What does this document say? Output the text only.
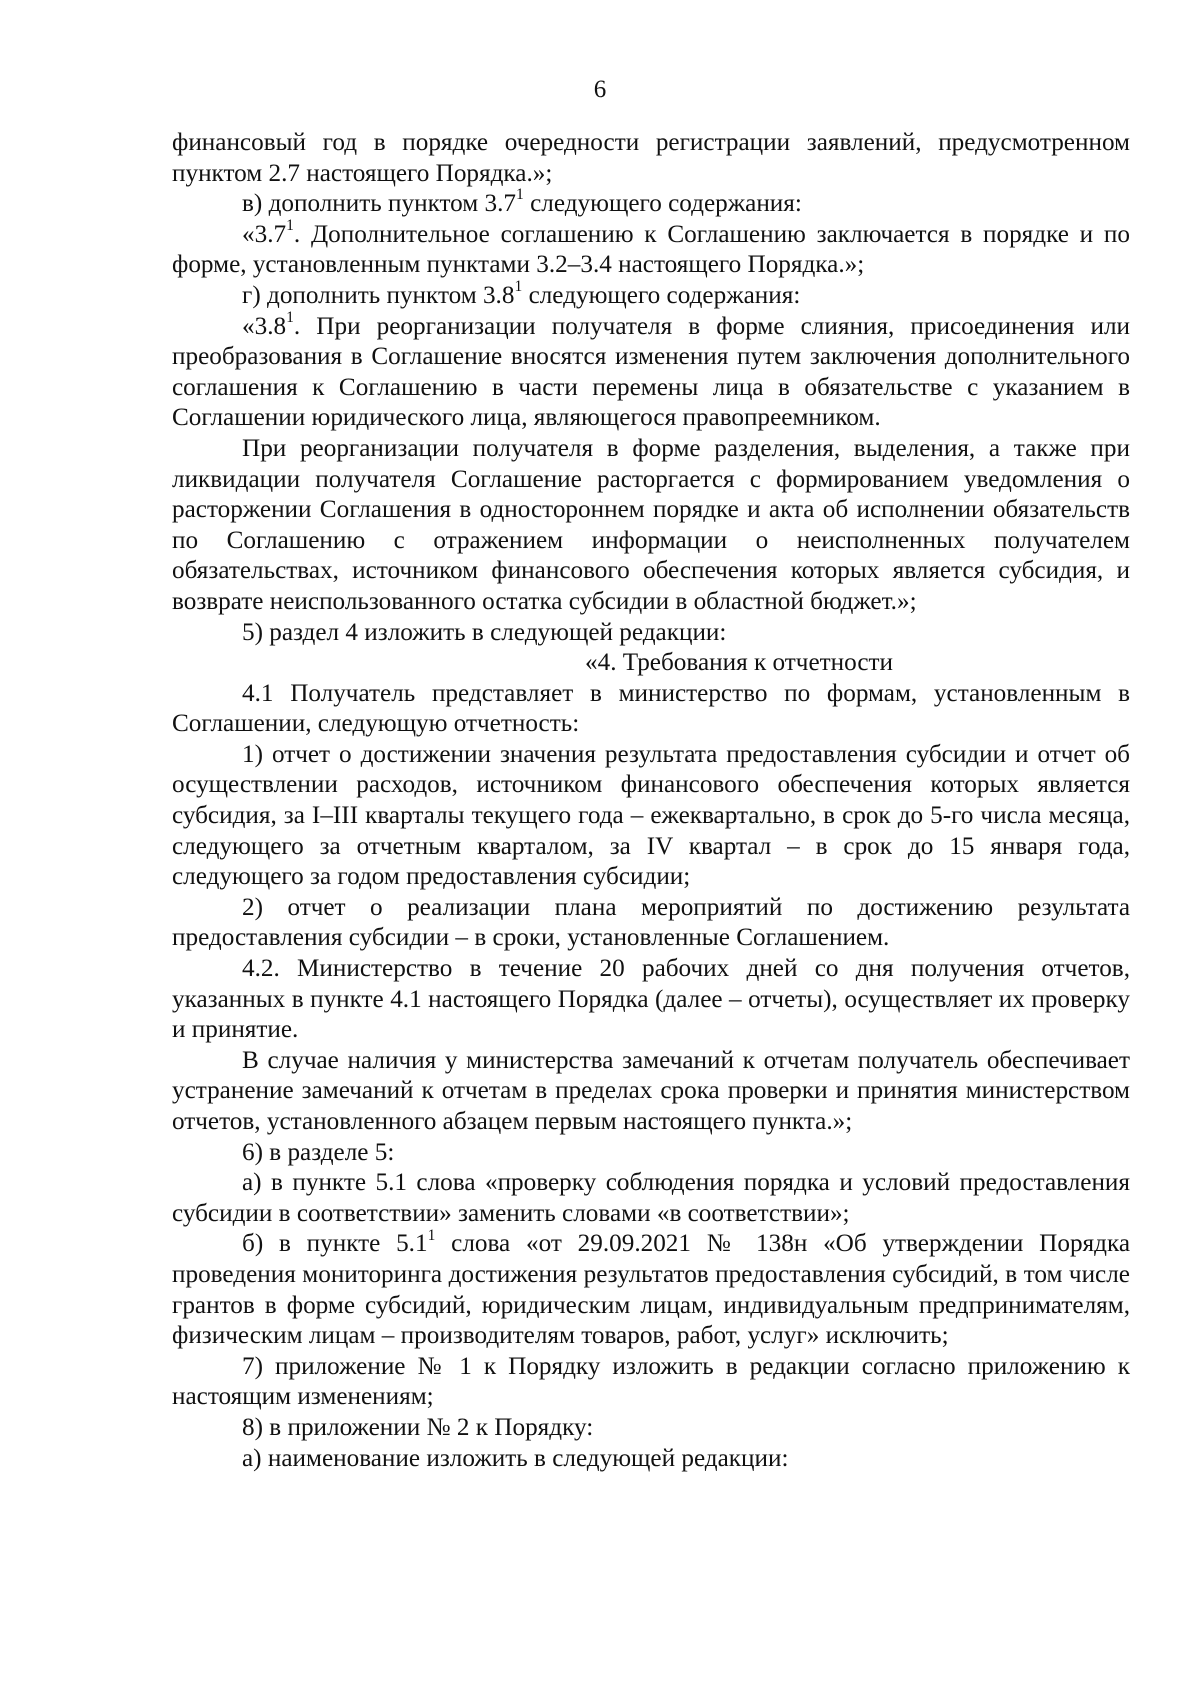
6

финансовый год в порядке очередности регистрации заявлений, предусмотренном пунктом 2.7 настоящего Порядка.»;

в) дополнить пунктом $3.7^1$ следующего содержания:

«$3.7^1$. Дополнительное соглашению к Соглашению заключается в порядке и по форме, установленным пунктами 3.2–3.4 настоящего Порядка.»;

г) дополнить пунктом $3.8^1$ следующего содержания:

«$3.8^1$. При реорганизации получателя в форме слияния, присоединения или преобразования в Соглашение вносятся изменения путем заключения дополнительного соглашения к Соглашению в части перемены лица в обязательстве с указанием в Соглашении юридического лица, являющегося правопреемником.

При реорганизации получателя в форме разделения, выделения, а также при ликвидации получателя Соглашение расторгается с формированием уведомления о расторжении Соглашения в одностороннем порядке и акта об исполнении обязательств по Соглашению с отражением информации о неисполненных получателем обязательствах, источником финансового обеспечения которых является субсидия, и возврате неиспользованного остатка субсидии в областной бюджет.»;

5) раздел 4 изложить в следующей редакции:

«4. Требования к отчетности

4.1 Получатель представляет в министерство по формам, установленным в Соглашении, следующую отчетность:

1) отчет о достижении значения результата предоставления субсидии и отчет об осуществлении расходов, источником финансового обеспечения которых является субсидия, за I–III кварталы текущего года – ежеквартально, в срок до 5-го числа месяца, следующего за отчетным кварталом, за IV квартал – в срок до 15 января года, следующего за годом предоставления субсидии;

2) отчет о реализации плана мероприятий по достижению результата предоставления субсидии – в сроки, установленные Соглашением.

4.2. Министерство в течение 20 рабочих дней со дня получения отчетов, указанных в пункте 4.1 настоящего Порядка (далее – отчеты), осуществляет их проверку и принятие.

В случае наличия у министерства замечаний к отчетам получатель обеспечивает устранение замечаний к отчетам в пределах срока проверки и принятия министерством отчетов, установленного абзацем первым настоящего пункта.»;

6) в разделе 5:

а) в пункте 5.1 слова «проверку соблюдения порядка и условий предоставления субсидии в соответствии» заменить словами «в соответствии»;

б) в пункте $5.1^1$ слова «от 29.09.2021 № 138н «Об утверждении Порядка проведения мониторинга достижения результатов предоставления субсидий, в том числе грантов в форме субсидий, юридическим лицам, индивидуальным предпринимателям, физическим лицам – производителям товаров, работ, услуг» исключить;

7) приложение № 1 к Порядку изложить в редакции согласно приложению к настоящим изменениям;

8) в приложении № 2 к Порядку:

а) наименование изложить в следующей редакции:
